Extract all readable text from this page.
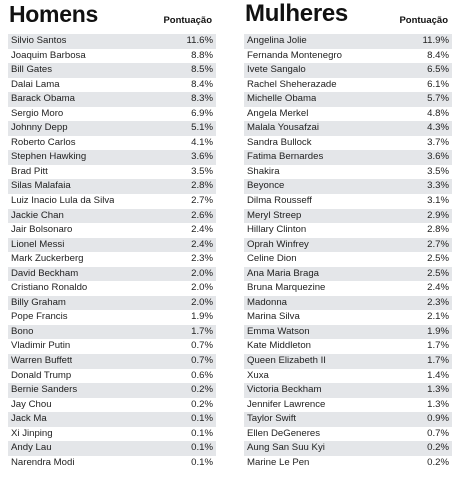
Homens	Pontuação
Silvio Santos	11.6%
Joaquim Barbosa	8.8%
Bill Gates	8.5%
Dalai Lama	8.4%
Barack Obama	8.3%
Sergio Moro	6.9%
Johnny Depp	5.1%
Roberto Carlos	4.1%
Stephen Hawking	3.6%
Brad Pitt	3.5%
Silas Malafaia	2.8%
Luiz Inacio Lula da Silva	2.7%
Jackie Chan	2.6%
Jair Bolsonaro	2.4%
Lionel Messi	2.4%
Mark Zuckerberg	2.3%
David Beckham	2.0%
Cristiano Ronaldo	2.0%
Billy Graham	2.0%
Pope Francis	1.9%
Bono	1.7%
Vladimir Putin	0.7%
Warren Buffett	0.7%
Donald Trump	0.6%
Bernie Sanders	0.2%
Jay Chou	0.2%
Jack Ma	0.1%
Xi Jinping	0.1%
Andy Lau	0.1%
Narendra Modi	0.1%
Mulheres	Pontuação
Angelina Jolie	11.9%
Fernanda Montenegro	8.4%
Ivete Sangalo	6.5%
Rachel Sheherazade	6.1%
Michelle Obama	5.7%
Angela Merkel	4.8%
Malala Yousafzai	4.3%
Sandra Bullock	3.7%
Fatima Bernardes	3.6%
Shakira	3.5%
Beyonce	3.3%
Dilma Rousseff	3.1%
Meryl Streep	2.9%
Hillary Clinton	2.8%
Oprah Winfrey	2.7%
Celine Dion	2.5%
Ana Maria Braga	2.5%
Bruna Marquezine	2.4%
Madonna	2.3%
Marina Silva	2.1%
Emma Watson	1.9%
Kate Middleton	1.7%
Queen Elizabeth II	1.7%
Xuxa	1.4%
Victoria Beckham	1.3%
Jennifer Lawrence	1.3%
Taylor Swift	0.9%
Ellen DeGeneres	0.7%
Aung San Suu Kyi	0.2%
Marine Le Pen	0.2%
